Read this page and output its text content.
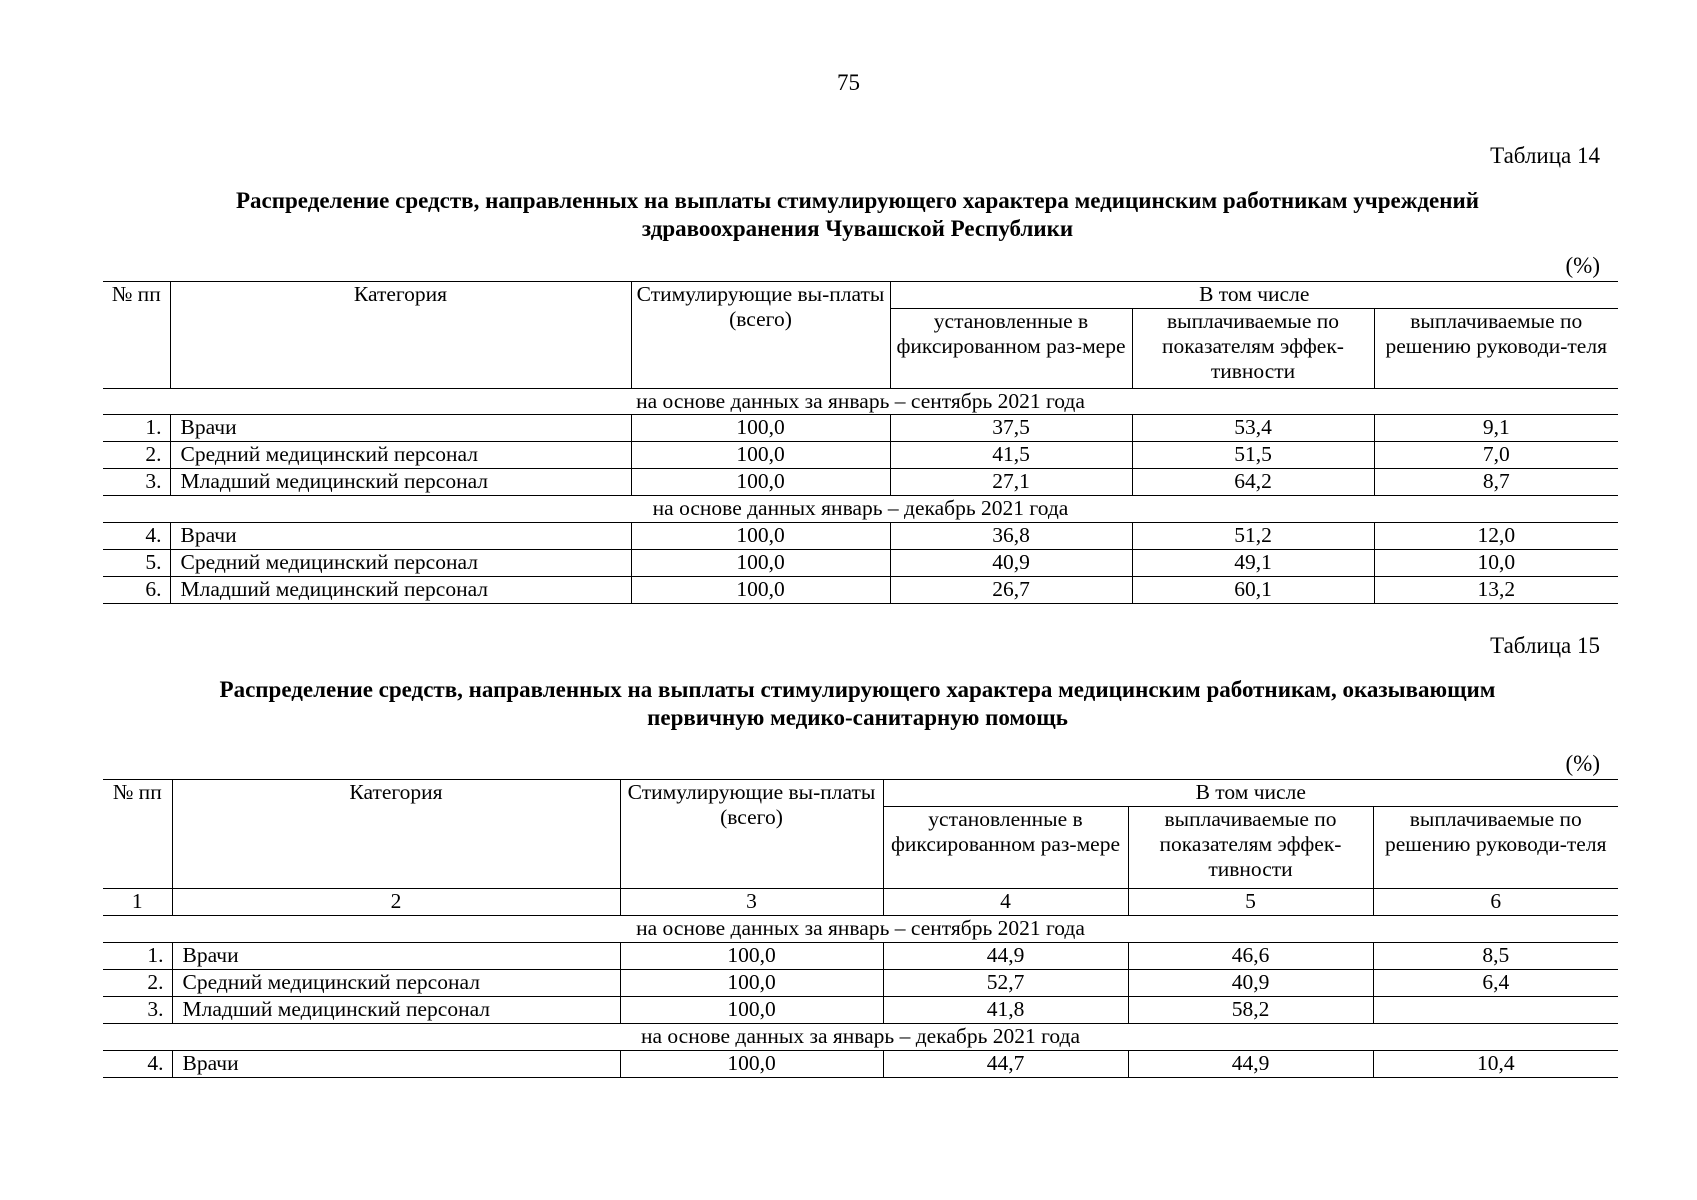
75
Таблица 14
Распределение средств, направленных на выплаты стимулирующего характера медицинским работникам учреждений
здравоохранения Чувашской Республики
(%)
№ пп	Категория	Стимулирующие вы-платы (всего)	В том числе		
			установленные в фиксированном раз-мере	выплачиваемые по показателям эффек-тивности	выплачиваемые по решению руководи-теля
на основе данных за январь – сентябрь 2021 года					
1.	Врачи	100,0	37,5	53,4	9,1
2.	Средний медицинский персонал	100,0	41,5	51,5	7,0
3.	Младший медицинский персонал	100,0	27,1	64,2	8,7
на основе данных январь – декабрь 2021 года					
4.	Врачи	100,0	36,8	51,2	12,0
5.	Средний медицинский персонал	100,0	40,9	49,1	10,0
6.	Младший медицинский персонал	100,0	26,7	60,1	13,2
Таблица 15
Распределение средств, направленных на выплаты стимулирующего характера медицинским работникам, оказывающим
первичную медико-санитарную помощь
(%)
№ пп	Категория	Стимулирующие вы-платы (всего)	В том числе		
			установленные в фиксированном раз-мере	выплачиваемые по показателям эффек-тивности	выплачиваемые по решению руководи-теля
1	2	3	4	5	6
на основе данных за январь – сентябрь 2021 года					
1.	Врачи	100,0	44,9	46,6	8,5
2.	Средний медицинский персонал	100,0	52,7	40,9	6,4
3.	Младший медицинский персонал	100,0	41,8	58,2	
на основе данных за январь – декабрь 2021 года					
4.	Врачи	100,0	44,7	44,9	10,4
